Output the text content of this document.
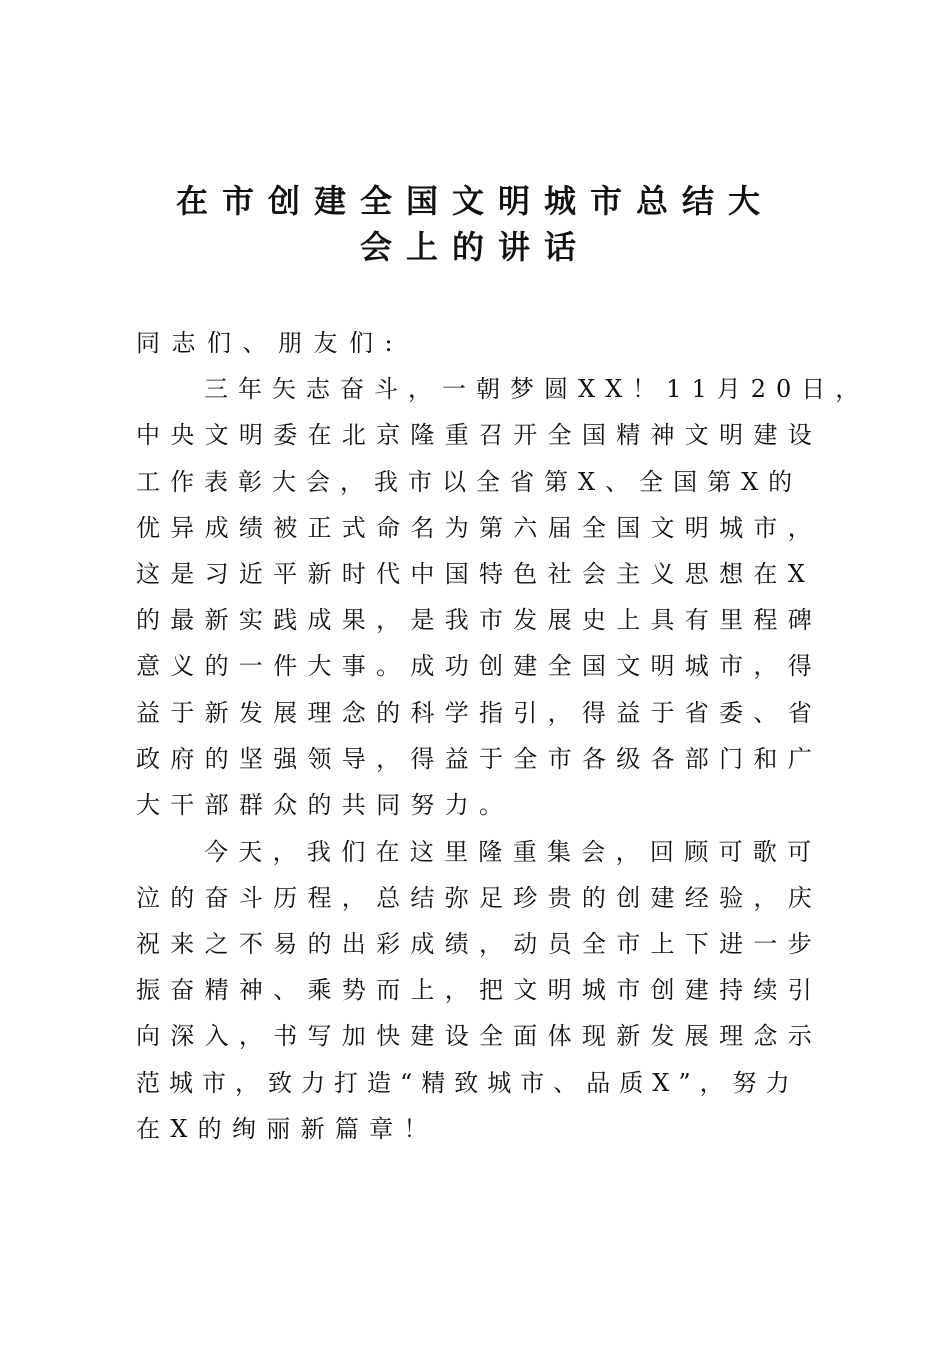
在市创建全国文明城市总结大
会上的讲话

同志们、朋友们:

三年矢志奋斗，一朝梦圆XX！11月20日，

中央文明委在北京隆重召开全国精神文明建设

工作表彰大会，我市以全省第X、全国第X的

优异成绩被正式命名为第六届全国文明城市，

这是习近平新时代中国特色社会主义思想在X

的最新实践成果，是我市发展史上具有里程碑

意义的一件大事。成功创建全国文明城市，得

益于新发展理念的科学指引，得益于省委、省

政府的坚强领导，得益于全市各级各部门和广

大干部群众的共同努力。

今天，我们在这里隆重集会，回顾可歌可

泣的奋斗历程，总结弥足珍贵的创建经验，庆

祝来之不易的出彩成绩，动员全市上下进一步

振奋精神、乘势而上，把文明城市创建持续引

向深入，书写加快建设全面体现新发展理念示

范城市，致力打造“精致城市、品质X”，努力

在X的绚丽新篇章！
